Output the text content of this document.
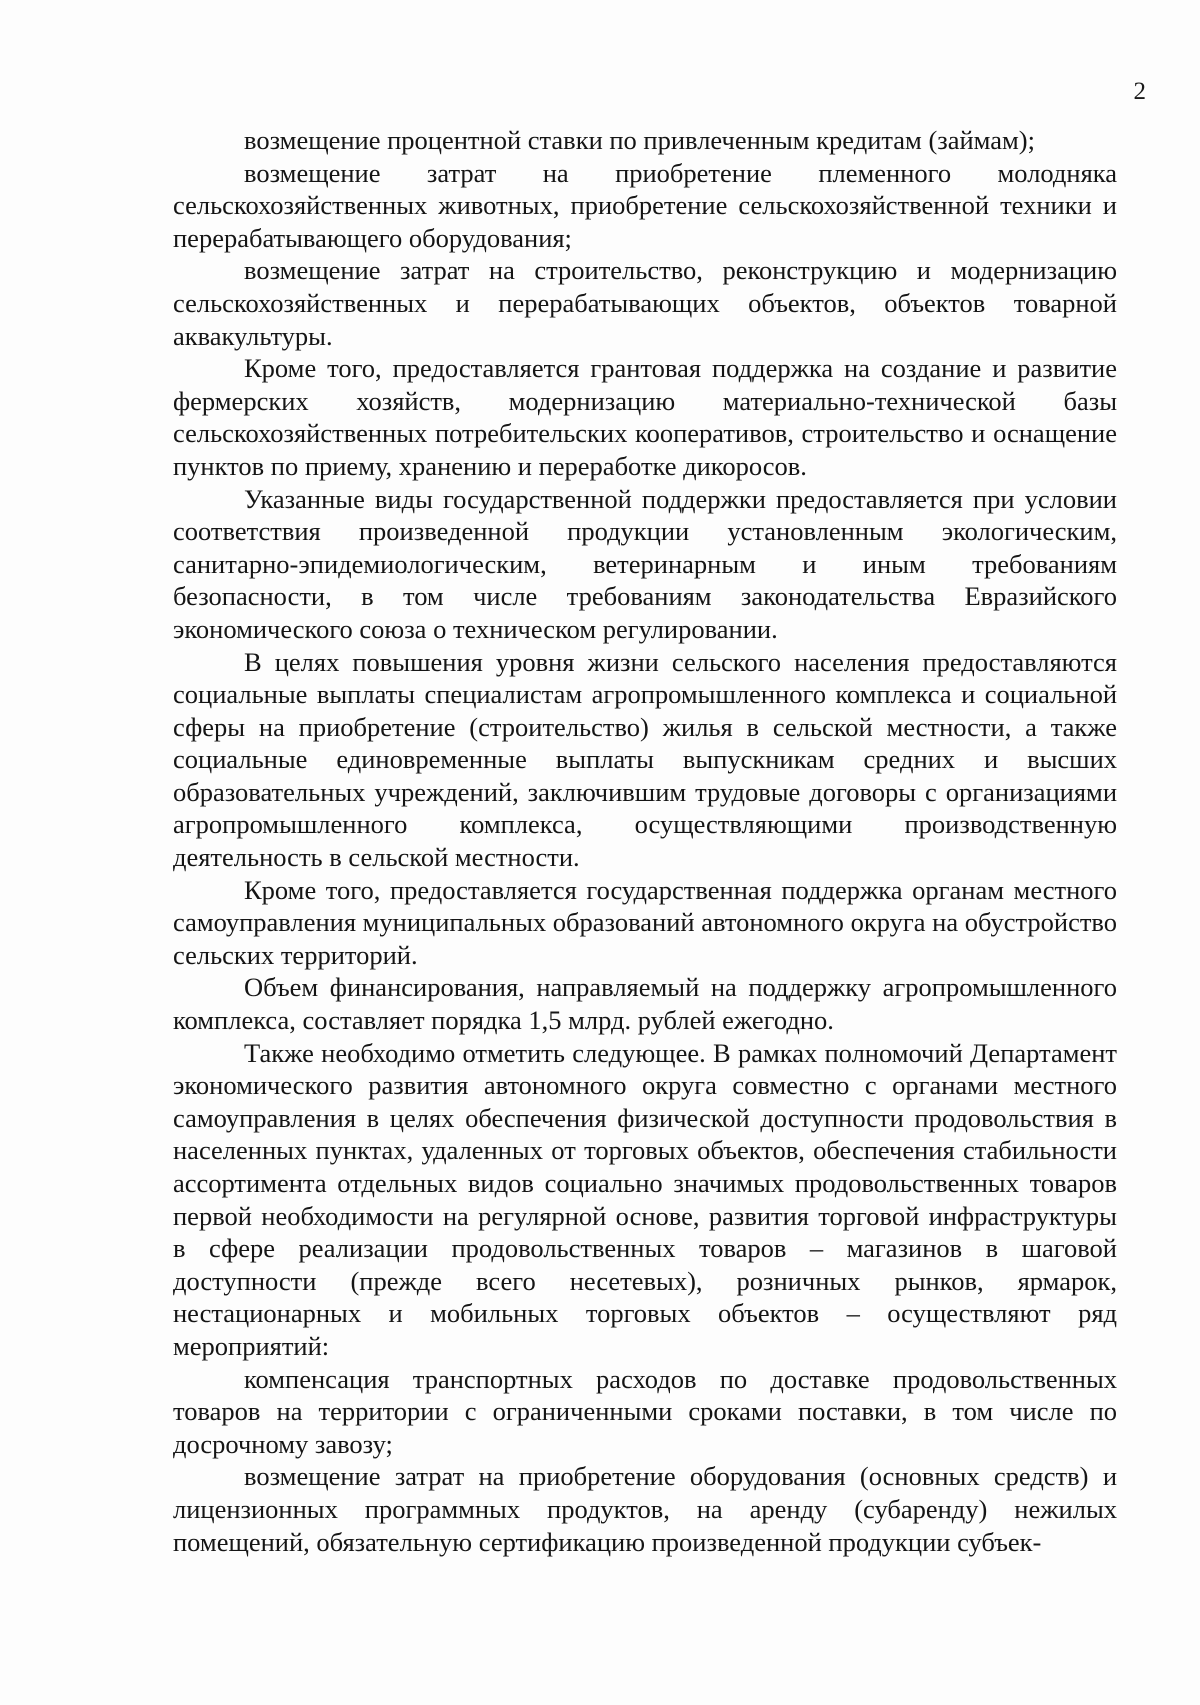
2

возмещение процентной ставки по привлеченным кредитам (займам);

возмещение затрат на приобретение племенного молодняка сельскохозяйственных животных, приобретение сельскохозяйственной техники и перерабатывающего оборудования;

возмещение затрат на строительство, реконструкцию и модернизацию сельскохозяйственных и перерабатывающих объектов, объектов товарной аквакультуры.

Кроме того, предоставляется грантовая поддержка на создание и развитие фермерских хозяйств, модернизацию материально-технической базы сельскохозяйственных потребительских кооперативов, строительство и оснащение пунктов по приему, хранению и переработке дикоросов.

Указанные виды государственной поддержки предоставляется при условии соответствия произведенной продукции установленным экологическим, санитарно-эпидемиологическим, ветеринарным и иным требованиям безопасности, в том числе требованиям законодательства Евразийского экономического союза о техническом регулировании.

В целях повышения уровня жизни сельского населения предоставляются социальные выплаты специалистам агропромышленного комплекса и социальной сферы на приобретение (строительство) жилья в сельской местности, а также социальные единовременные выплаты выпускникам средних и высших образовательных учреждений, заключившим трудовые договоры с организациями агропромышленного комплекса, осуществляющими производственную деятельность в сельской местности.

Кроме того, предоставляется государственная поддержка органам местного самоуправления муниципальных образований автономного округа на обустройство сельских территорий.

Объем финансирования, направляемый на поддержку агропромышленного комплекса, составляет порядка 1,5 млрд. рублей ежегодно.

Также необходимо отметить следующее. В рамках полномочий Департамент экономического развития автономного округа совместно с органами местного самоуправления в целях обеспечения физической доступности продовольствия в населенных пунктах, удаленных от торговых объектов, обеспечения стабильности ассортимента отдельных видов социально значимых продовольственных товаров первой необходимости на регулярной основе, развития торговой инфраструктуры в сфере реализации продовольственных товаров – магазинов в шаговой доступности (прежде всего несетевых), розничных рынков, ярмарок, нестационарных и мобильных торговых объектов – осуществляют ряд мероприятий:

компенсация транспортных расходов по доставке продовольственных товаров на территории с ограниченными сроками поставки, в том числе по досрочному завозу;

возмещение затрат на приобретение оборудования (основных средств) и лицензионных программных продуктов, на аренду (субаренду) нежилых помещений, обязательную сертификацию произведенной продукции субъек-
